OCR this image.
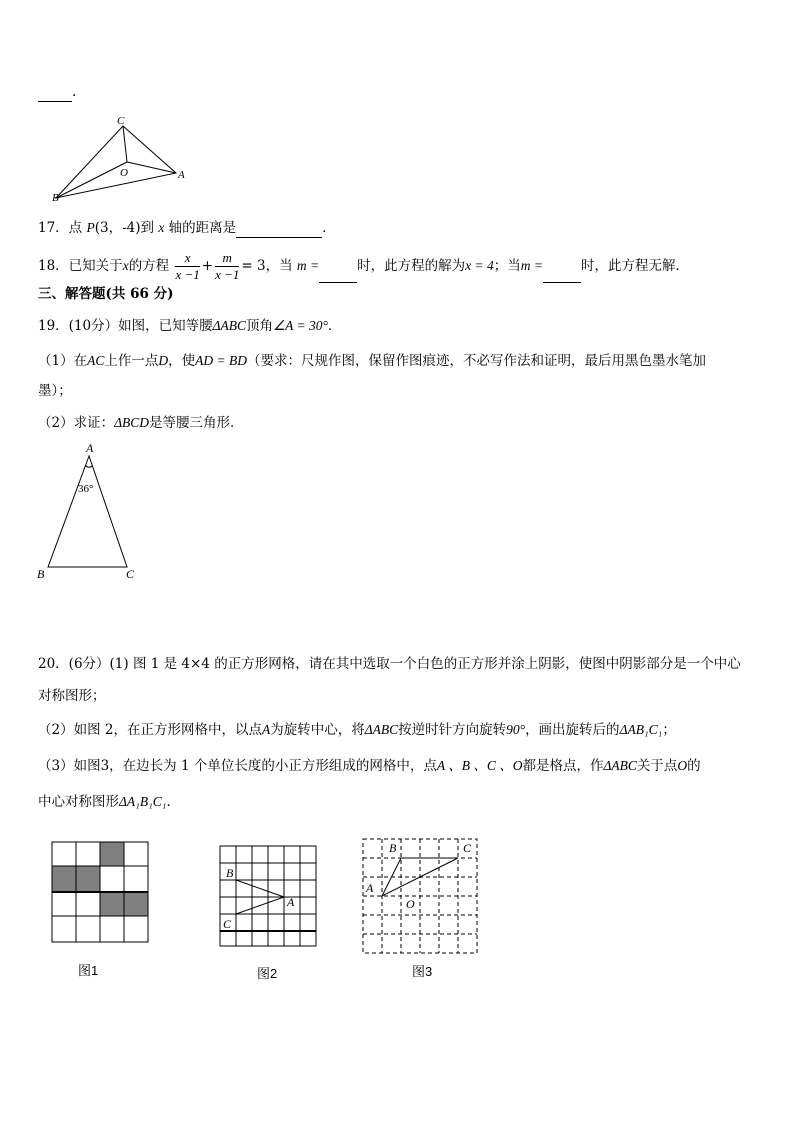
.
C
O	A
B
17．点 P(3，-4)到 x 轴的距离是	．
18．已知关于x的方程 $\frac{x}{x -1} + \frac{m}{x -1} = 3$，当 m =	时，此方程的解为x = 4；当m =	时，此方程无解．
三、解答题(共 66 分)
19．(10分）如图，已知等腰ΔABC顶角∠A = 30°．
（1）在AC上作一点D，使AD = BD（要求：尺规作图，保留作图痕迹，不必写作法和证明，最后用黑色墨水笔加
墨）；
（2）求证：ΔBCD是等腰三角形．
A
36°
B	C
20．(6分）(1) 图 1 是 4×4 的正方形网格，请在其中选取一个白色的正方形并涂上阴影，使图中阴影部分是一个中心
对称图形；
（2）如图 2，在正方形网格中，以点A为旋转中心，将ΔABC按逆时针方向旋转90°，画出旋转后的ΔAB₁C₁；
（3）如图3，在边长为 1 个单位长度的小正方形组成的网格中，点A 、B 、C 、O都是格点，作ΔABC关于点O的
中心对称图形ΔA₁B₁C₁．
图1
B
A
C
图2
B	C
A
O
图3
